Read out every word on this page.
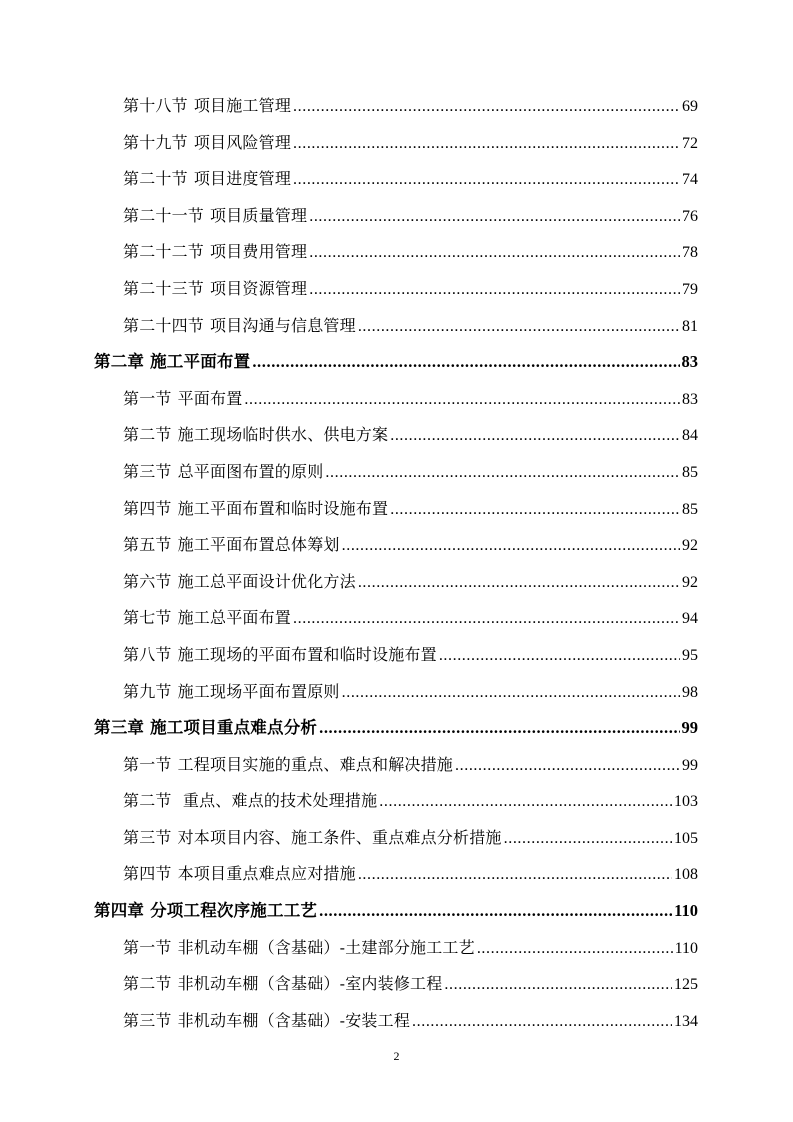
第十八节 项目施工管理 .....	69
第十九节 项目风险管理 .....	72
第二十节 项目进度管理 .....	74
第二十一节 项目质量管理 .....	76
第二十二节 项目费用管理 .....	78
第二十三节 项目资源管理 .....	79
第二十四节 项目沟通与信息管理 .....	81
第二章 施工平面布置 .....	83
第一节 平面布置 .....	83
第二节 施工现场临时供水、供电方案 .....	84
第三节 总平面图布置的原则 .....	85
第四节 施工平面布置和临时设施布置 .....	85
第五节 施工平面布置总体筹划 .....	92
第六节 施工总平面设计优化方法 .....	92
第七节 施工总平面布置 .....	94
第八节 施工现场的平面布置和临时设施布置 .....	95
第九节 施工现场平面布置原则 .....	98
第三章 施工项目重点难点分析 .....	99
第一节 工程项目实施的重点、难点和解决措施 .....	99
第二节 重点、难点的技术处理措施 .....	103
第三节 对本项目内容、施工条件、重点难点分析措施 .....	105
第四节 本项目重点难点应对措施 .....	108
第四章 分项工程次序施工工艺 .....	110
第一节 非机动车棚（含基础）-土建部分施工工艺 .....	110
第二节 非机动车棚（含基础）-室内装修工程 .....	125
第三节 非机动车棚（含基础）-安装工程 .....	134
2
